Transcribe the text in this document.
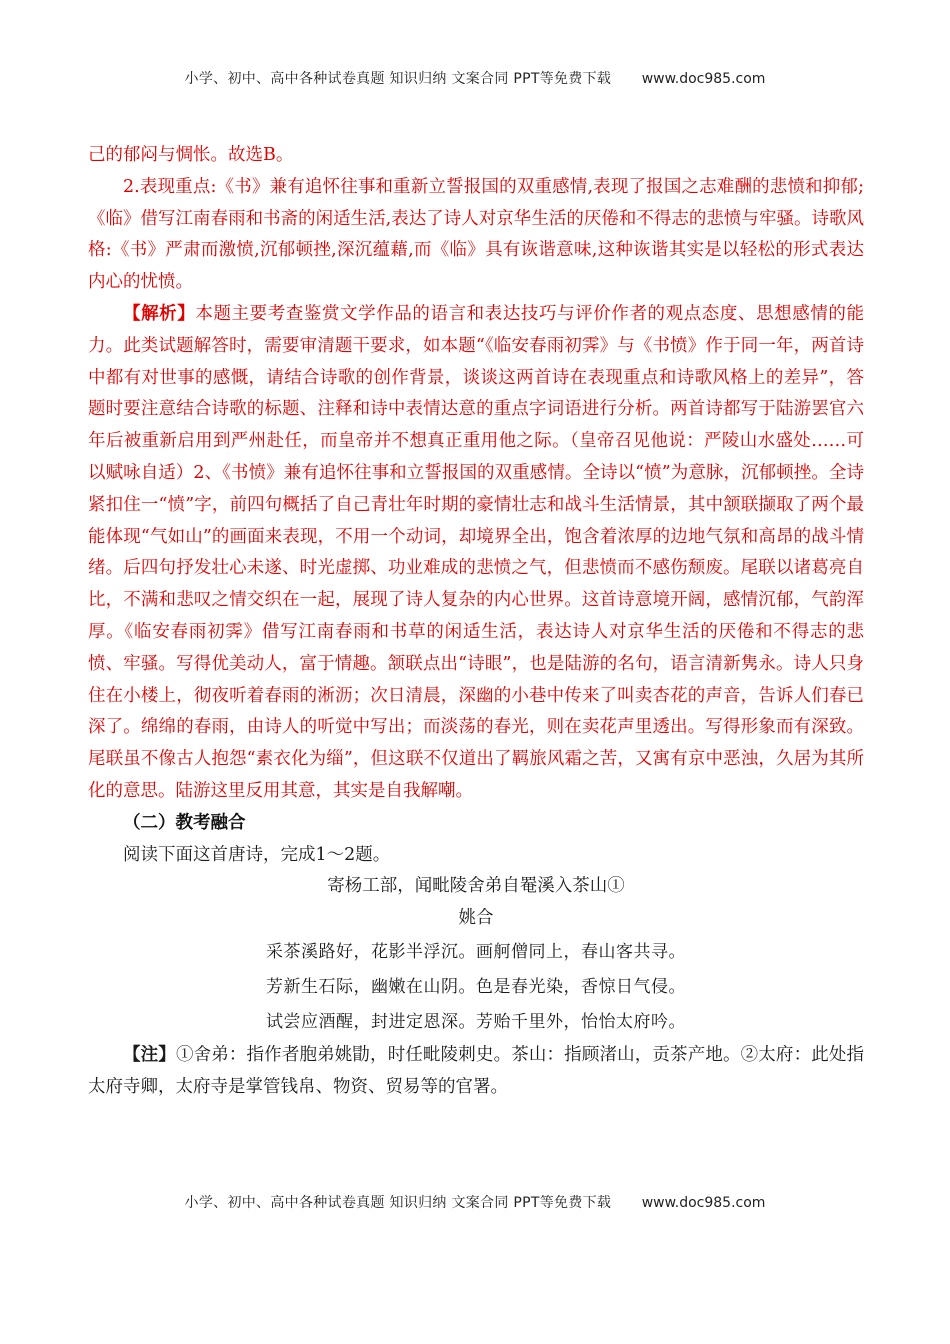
小学、初中、高中各种试卷真题 知识归纳 文案合同 PPT等免费下载 www.doc985.com

己的郁闷与惆怅。故选B。

2.表现重点:《书》兼有追怀往事和重新立誓报国的双重感情,表现了报国之志难酬的悲愤和抑郁;《临》借写江南春雨和书斋的闲适生活,表达了诗人对京华生活的厌倦和不得志的悲愤与牢骚。诗歌风格:《书》严肃而激愤,沉郁顿挫,深沉蕴藉,而《临》具有诙谐意味,这种诙谐其实是以轻松的形式表达内心的忧愤。

【解析】本题主要考查鉴赏文学作品的语言和表达技巧与评价作者的观点态度、思想感情的能力。此类试题解答时，需要审清题干要求，如本题“《临安春雨初霁》与《书愤》作于同一年，两首诗中都有对世事的感慨，请结合诗歌的创作背景，谈谈这两首诗在表现重点和诗歌风格上的差异”，答题时要注意结合诗歌的标题、注释和诗中表情达意的重点字词语进行分析。两首诗都写于陆游罢官六年后被重新启用到严州赴任，而皇帝并不想真正重用他之际。（皇帝召见他说：严陵山水盛处……可以赋咏自适）2、《书愤》兼有追怀往事和立誓报国的双重感情。全诗以“愤”为意脉，沉郁顿挫。全诗紧扣住一“愤”字，前四句概括了自己青壮年时期的豪情壮志和战斗生活情景，其中颔联撷取了两个最能体现“气如山”的画面来表现，不用一个动词，却境界全出，饱含着浓厚的边地气氛和高昂的战斗情绪。后四句抒发壮心未遂、时光虚掷、功业难成的悲愤之气，但悲愤而不感伤颓废。尾联以诸葛亮自比，不满和悲叹之情交织在一起，展现了诗人复杂的内心世界。这首诗意境开阔，感情沉郁，气韵浑厚。《临安春雨初霁》借写江南春雨和书草的闲适生活，表达诗人对京华生活的厌倦和不得志的悲愤、牢骚。写得优美动人，富于情趣。颔联点出“诗眼”，也是陆游的名句，语言清新隽永。诗人只身住在小楼上，彻夜听着春雨的淅沥；次日清晨，深幽的小巷中传来了叫卖杏花的声音，告诉人们春已深了。绵绵的春雨，由诗人的听觉中写出；而淡荡的春光，则在卖花声里透出。写得形象而有深致。尾联虽不像古人抱怨“素衣化为缁”，但这联不仅道出了羁旅风霜之苦，又寓有京中恶浊，久居为其所化的意思。陆游这里反用其意，其实是自我解嘲。

（二）教考融合

阅读下面这首唐诗，完成1～2题。

寄杨工部，闻毗陵舍弟自罨溪入茶山①

姚合

采茶溪路好，花影半浮沉。画舸僧同上，春山客共寻。

芳新生石际，幽嫩在山阴。色是春光染，香惊日气侵。

试尝应酒醒，封进定恩深。芳贻千里外，怡怡太府吟。

【注】①舍弟：指作者胞弟姚勖，时任毗陵刺史。茶山：指顾渚山，贡茶产地。②太府：此处指太府寺卿，太府寺是掌管钱帛、物资、贸易等的官署。

小学、初中、高中各种试卷真题 知识归纳 文案合同 PPT等免费下载 www.doc985.com
